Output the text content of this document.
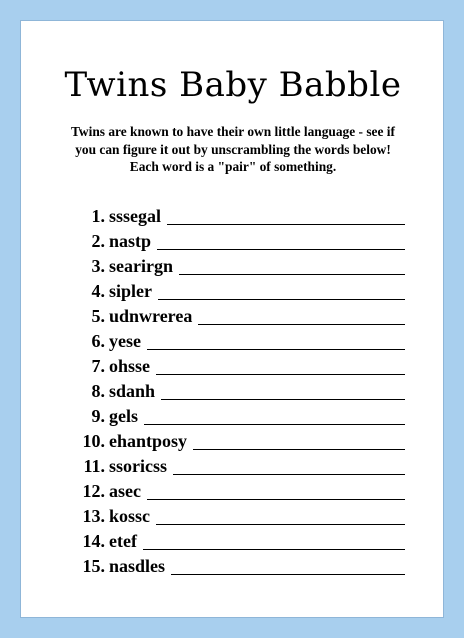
Twins Baby Babble
Twins are known to have their own little language - see if
you can figure it out by unscrambling the words below!
Each word is a "pair" of something.
1. sssegal
2. nastp
3. searirgn
4. sipler
5. udnwrerea
6. yese
7. ohsse
8. sdanh
9. gels
10. ehantposy
11. ssoricss
12. asec
13. kossc
14. etef
15. nasdles
